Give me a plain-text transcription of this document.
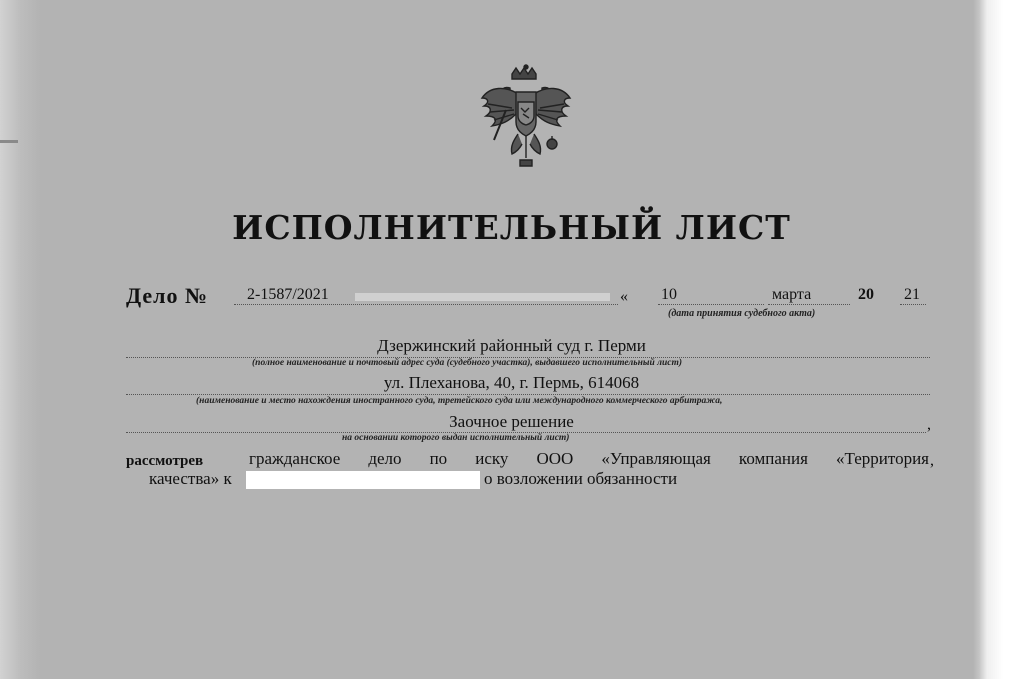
ИСПОЛНИТЕЛЬНЫЙ ЛИСТ
Дело № 2-1587/2021	« 10	марта	20 21
(дата принятия судебного акта)
Дзержинский районный суд г. Перми
(полное наименование и почтовый адрес суда (судебного участка), выдавшего исполнительный лист)
ул. Плеханова, 40, г. Пермь, 614068
(наименование и место нахождения иностранного суда, третейского суда или международного коммерческого арбитража,
Заочное решение	,
на основании которого выдан исполнительный лист)
рассмотрев	гражданское дело по иску ООО «Управляющая компания «Территория ,
качества» к	о возложении обязанности
